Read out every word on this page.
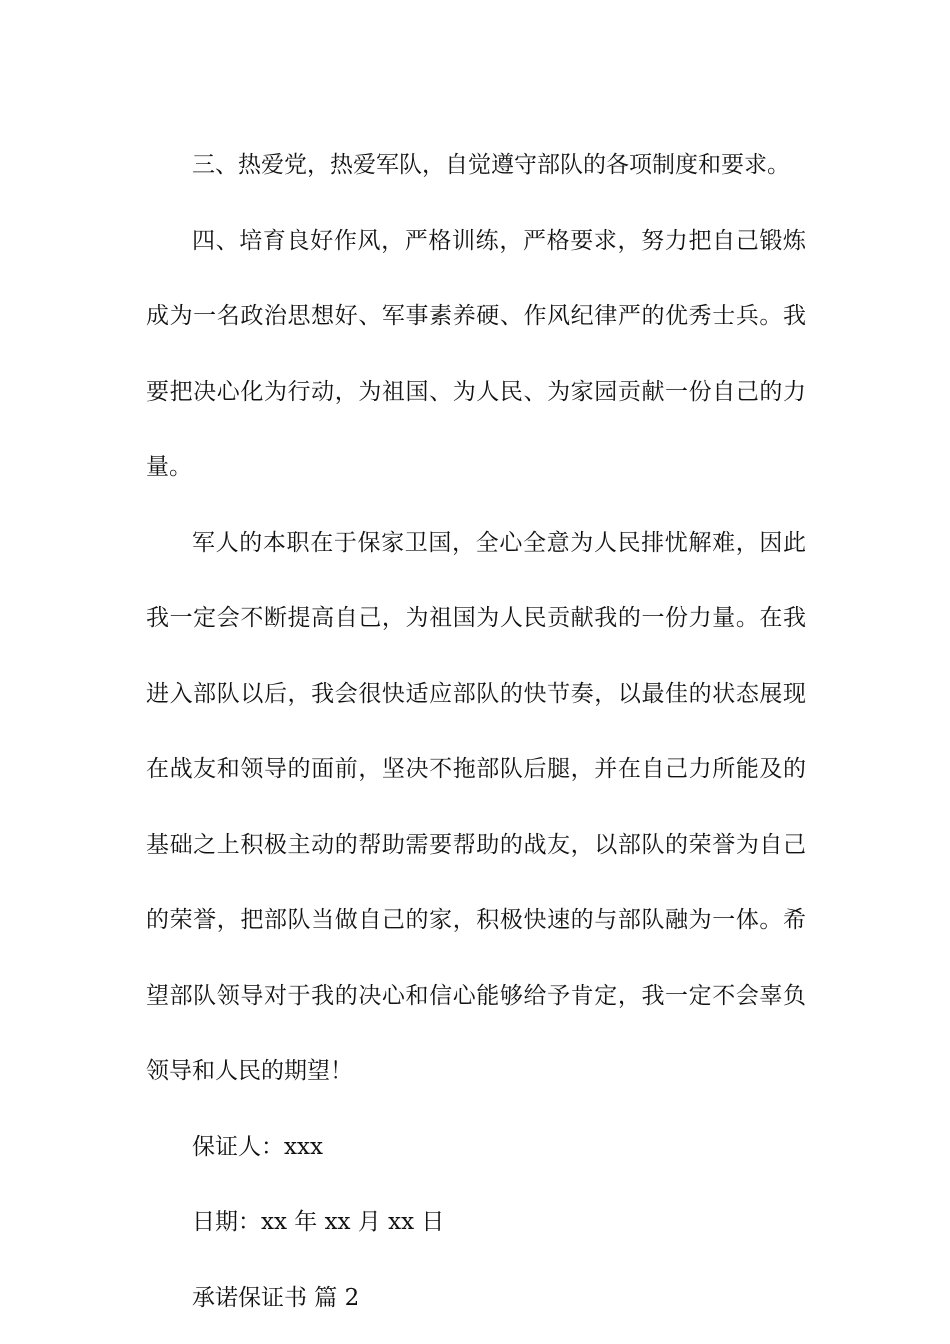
三、热爱党，热爱军队，自觉遵守部队的各项制度和要求。

四、培育良好作风，严格训练，严格要求，努力把自己锻炼成为一名政治思想好、军事素养硬、作风纪律严的优秀士兵。我要把决心化为行动，为祖国、为人民、为家园贡献一份自己的力量。

军人的本职在于保家卫国，全心全意为人民排忧解难，因此我一定会不断提高自己，为祖国为人民贡献我的一份力量。在我进入部队以后，我会很快适应部队的快节奏，以最佳的状态展现在战友和领导的面前，坚决不拖部队后腿，并在自己力所能及的基础之上积极主动的帮助需要帮助的战友，以部队的荣誉为自己的荣誉，把部队当做自己的家，积极快速的与部队融为一体。希望部队领导对于我的决心和信心能够给予肯定，我一定不会辜负领导和人民的期望！

保证人：xxx

日期：xx 年 xx 月 xx 日

承诺保证书 篇 2
